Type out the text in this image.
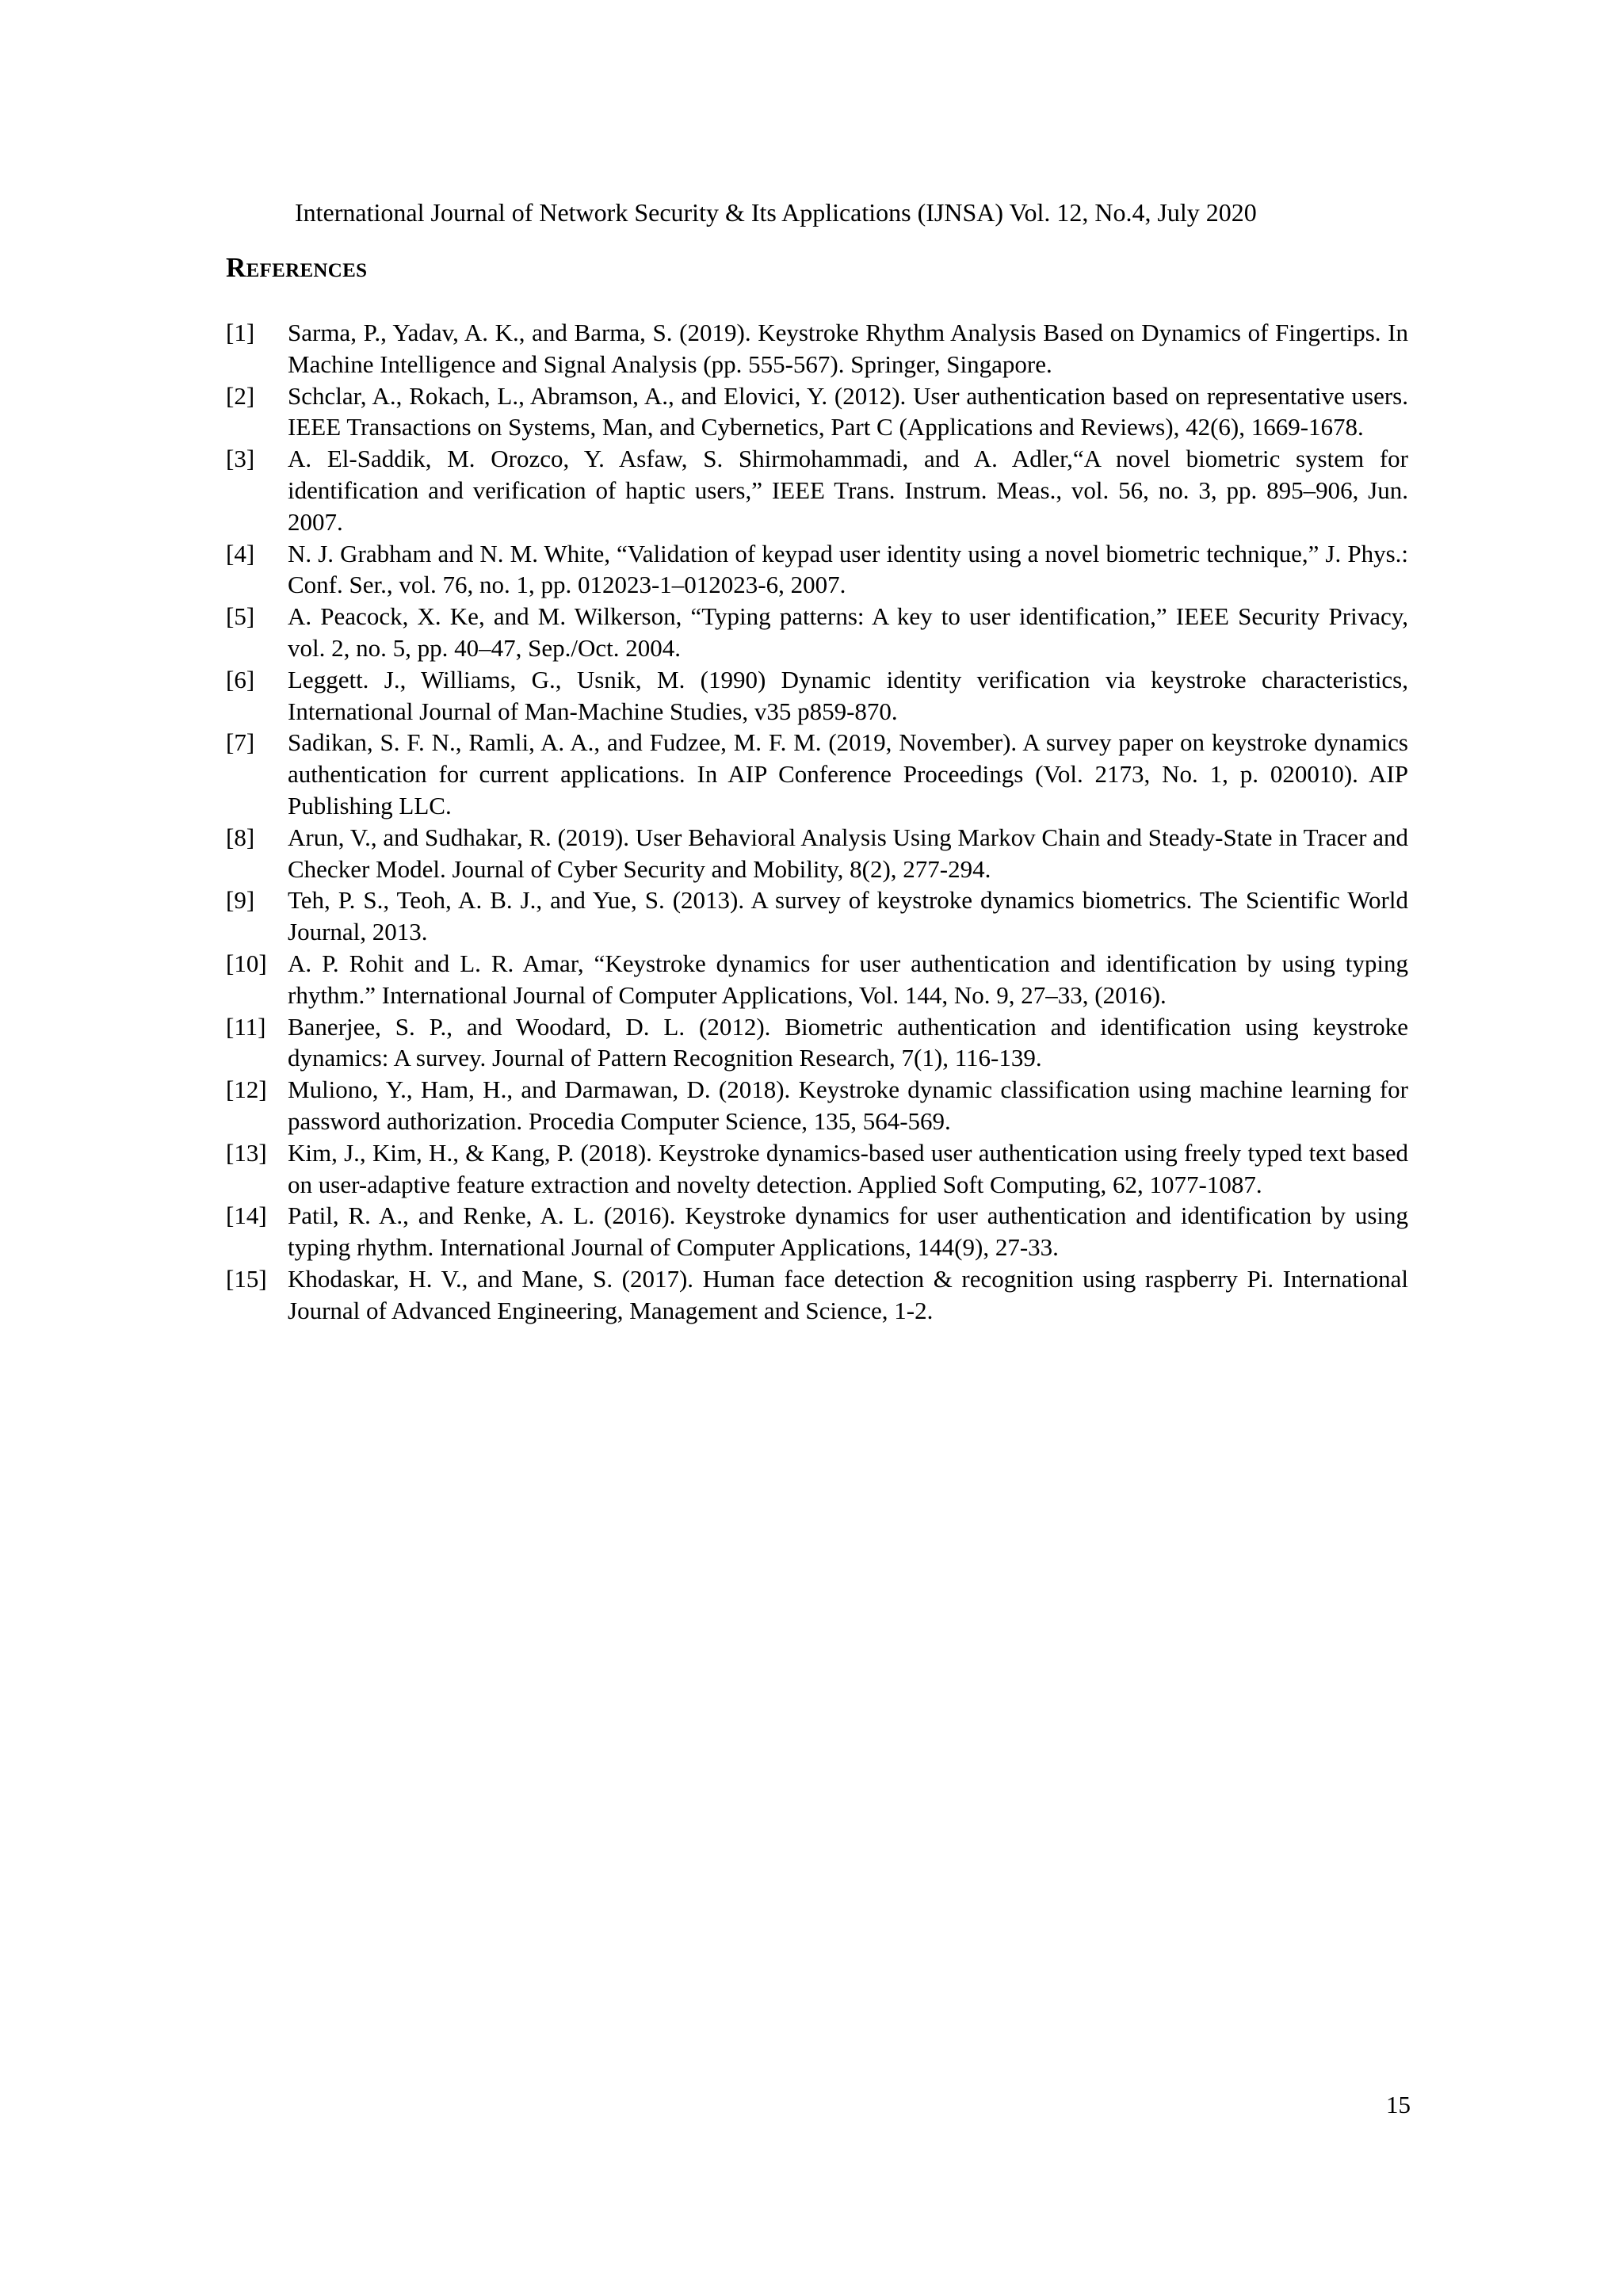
International Journal of Network Security & Its Applications (IJNSA) Vol. 12, No.4, July 2020
References
[1]	Sarma, P., Yadav, A. K., and Barma, S. (2019). Keystroke Rhythm Analysis Based on Dynamics of Fingertips. In Machine Intelligence and Signal Analysis (pp. 555-567). Springer, Singapore.
[2]	Schclar, A., Rokach, L., Abramson, A., and Elovici, Y. (2012). User authentication based on representative users. IEEE Transactions on Systems, Man, and Cybernetics, Part C (Applications and Reviews), 42(6), 1669-1678.
[3]	A. El-Saddik, M. Orozco, Y. Asfaw, S. Shirmohammadi, and A. Adler,“A novel biometric system for identification and verification of haptic users,” IEEE Trans. Instrum. Meas., vol. 56, no. 3, pp. 895–906, Jun. 2007.
[4]	N. J. Grabham and N. M. White, “Validation of keypad user identity using a novel biometric technique,” J. Phys.: Conf. Ser., vol. 76, no. 1, pp. 012023-1–012023-6, 2007.
[5]	A. Peacock, X. Ke, and M. Wilkerson, “Typing patterns: A key to user identification,” IEEE Security Privacy, vol. 2, no. 5, pp. 40–47, Sep./Oct. 2004.
[6]	Leggett. J., Williams, G., Usnik, M. (1990) Dynamic identity verification via keystroke characteristics, International Journal of Man-Machine Studies, v35 p859-870.
[7]	Sadikan, S. F. N., Ramli, A. A., and Fudzee, M. F. M. (2019, November). A survey paper on keystroke dynamics authentication for current applications. In AIP Conference Proceedings (Vol. 2173, No. 1, p. 020010). AIP Publishing LLC.
[8]	Arun, V., and Sudhakar, R. (2019). User Behavioral Analysis Using Markov Chain and Steady-State in Tracer and Checker Model. Journal of Cyber Security and Mobility, 8(2), 277-294.
[9]	Teh, P. S., Teoh, A. B. J., and Yue, S. (2013). A survey of keystroke dynamics biometrics. The Scientific World Journal, 2013.
[10] A. P. Rohit and L. R. Amar, “Keystroke dynamics for user authentication and identification by using typing rhythm.” International Journal of Computer Applications, Vol. 144, No. 9, 27–33, (2016).
[11] Banerjee, S. P., and Woodard, D. L. (2012). Biometric authentication and identification using keystroke dynamics: A survey. Journal of Pattern Recognition Research, 7(1), 116-139.
[12] Muliono, Y., Ham, H., and Darmawan, D. (2018). Keystroke dynamic classification using machine learning for password authorization. Procedia Computer Science, 135, 564-569.
[13] Kim, J., Kim, H., & Kang, P. (2018). Keystroke dynamics-based user authentication using freely typed text based on user-adaptive feature extraction and novelty detection. Applied Soft Computing, 62, 1077-1087.
[14] Patil, R. A., and Renke, A. L. (2016). Keystroke dynamics for user authentication and identification by using typing rhythm. International Journal of Computer Applications, 144(9), 27-33.
[15] Khodaskar, H. V., and Mane, S. (2017). Human face detection & recognition using raspberry Pi. International Journal of Advanced Engineering, Management and Science, 1-2.
15
